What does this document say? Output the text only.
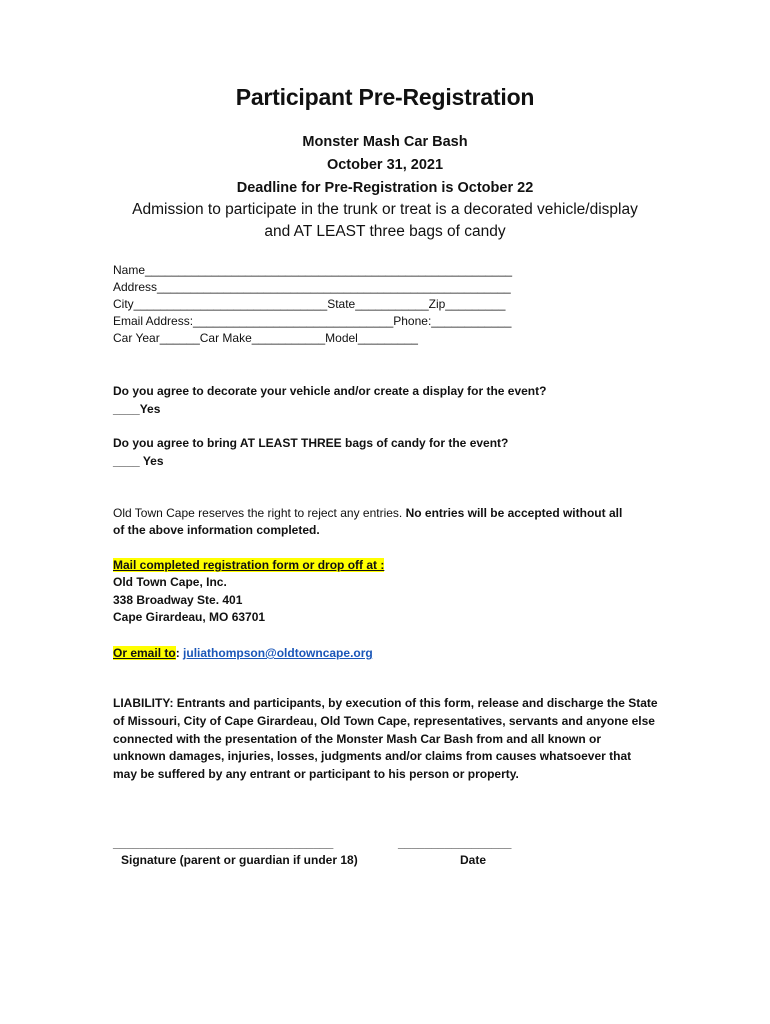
Participant Pre-Registration
Monster Mash Car Bash
October 31, 2021
Deadline for Pre-Registration is October 22
Admission to participate in the trunk or treat is a decorated vehicle/display
and AT LEAST three bags of candy
Name_______________________________________________________
Address_____________________________________________________
City_____________________________State___________Zip_________
Email Address:______________________________Phone:____________
Car Year______Car Make___________Model_________
Do you agree to decorate your vehicle and/or create a display for the event?
____Yes
Do you agree to bring AT LEAST THREE bags of candy for the event?
____ Yes
Old Town Cape reserves the right to reject any entries. No entries will be accepted without all
of the above information completed.
Mail completed registration form or drop off at :
Old Town Cape, Inc.
338 Broadway Ste. 401
Cape Girardeau, MO 63701
Or email to: juliathompson@oldtowncape.org
LIABILITY: Entrants and participants, by execution of this form, release and discharge the State
of Missouri, City of Cape Girardeau, Old Town Cape, representatives, servants and anyone else
connected with the presentation of the Monster Mash Car Bash from and all known or
unknown damages, injuries, losses, judgments and/or claims from causes whatsoever that
may be suffered by any entrant or participant to his person or property.
_________________________________
Signature (parent or guardian if under 18)
_________________
Date
